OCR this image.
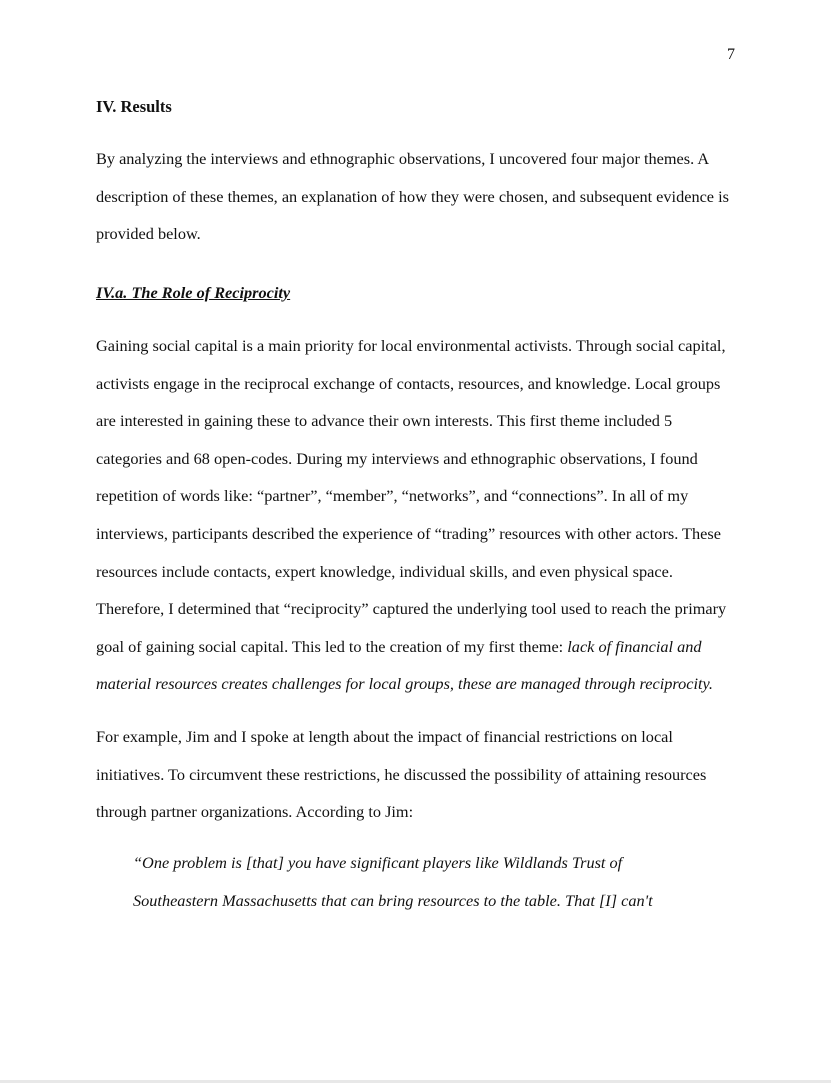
7
IV. Results

By analyzing the interviews and ethnographic observations, I uncovered four major themes. A
description of these themes, an explanation of how they were chosen, and subsequent evidence is
provided below.

IV.a. The Role of Reciprocity

Gaining social capital is a main priority for local environmental activists. Through social capital,
activists engage in the reciprocal exchange of contacts, resources, and knowledge. Local groups
are interested in gaining these to advance their own interests. This first theme included 5
categories and 68 open-codes. During my interviews and ethnographic observations, I found
repetition of words like: “partner”, “member”, “networks”, and “connections”. In all of my
interviews, participants described the experience of “trading” resources with other actors. These
resources include contacts, expert knowledge, individual skills, and even physical space.
Therefore, I determined that “reciprocity” captured the underlying tool used to reach the primary
goal of gaining social capital. This led to the creation of my first theme: lack of financial and
material resources creates challenges for local groups, these are managed through reciprocity.

For example, Jim and I spoke at length about the impact of financial restrictions on local
initiatives. To circumvent these restrictions, he discussed the possibility of attaining resources
through partner organizations. According to Jim:

“One problem is [that] you have significant players like Wildlands Trust of
Southeastern Massachusetts that can bring resources to the table. That [I] can't
